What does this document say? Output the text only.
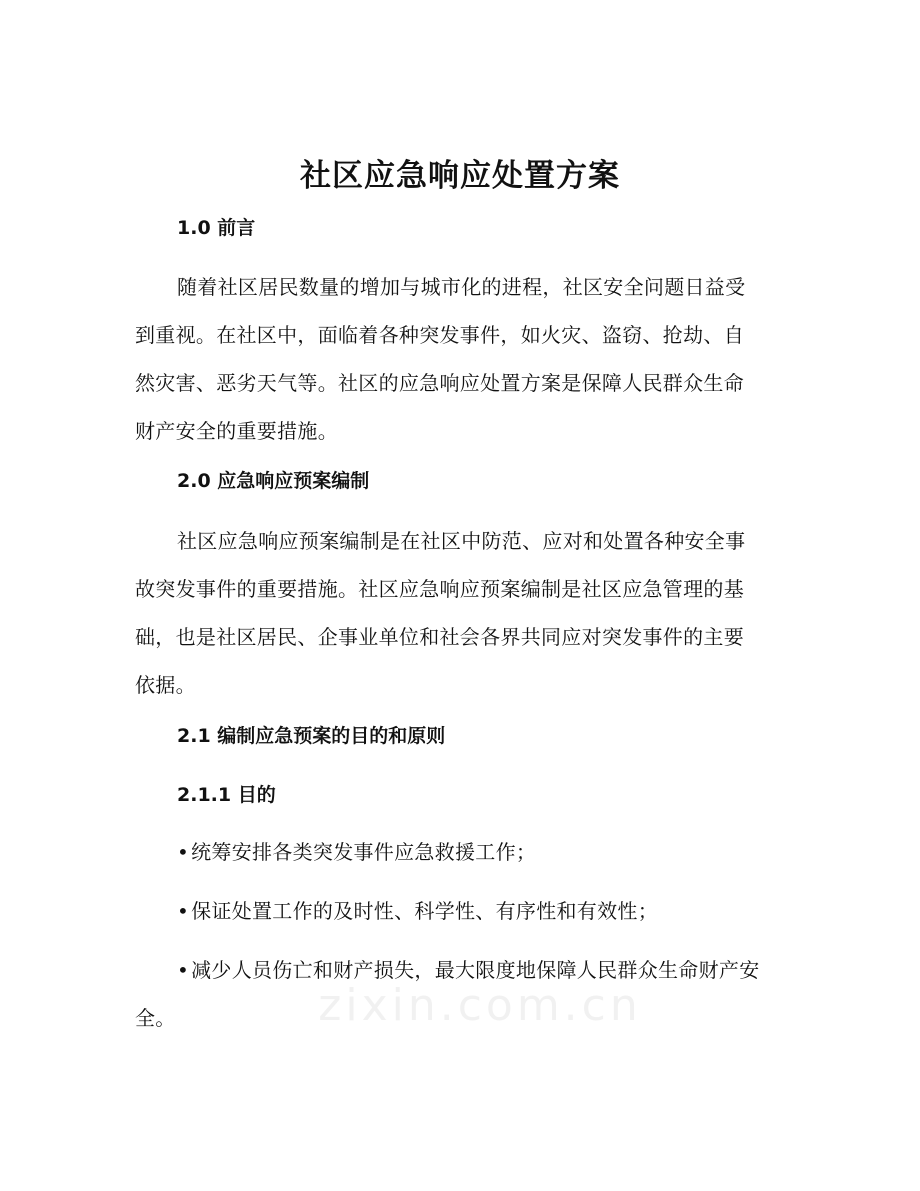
社区应急响应处置方案
1.0 前言
随着社区居民数量的增加与城市化的进程，社区安全问题日益受
到重视。在社区中，面临着各种突发事件，如火灾、盗窃、抢劫、自
然灾害、恶劣天气等。社区的应急响应处置方案是保障人民群众生命
财产安全的重要措施。
2.0 应急响应预案编制
社区应急响应预案编制是在社区中防范、应对和处置各种安全事
故突发事件的重要措施。社区应急响应预案编制是社区应急管理的基
础，也是社区居民、企事业单位和社会各界共同应对突发事件的主要
依据。
2.1 编制应急预案的目的和原则
2.1.1 目的
• 统筹安排各类突发事件应急救援工作；
• 保证处置工作的及时性、科学性、有序性和有效性；
• 减少人员伤亡和财产损失，最大限度地保障人民群众生命财产安
全。	zixin.com.cn
